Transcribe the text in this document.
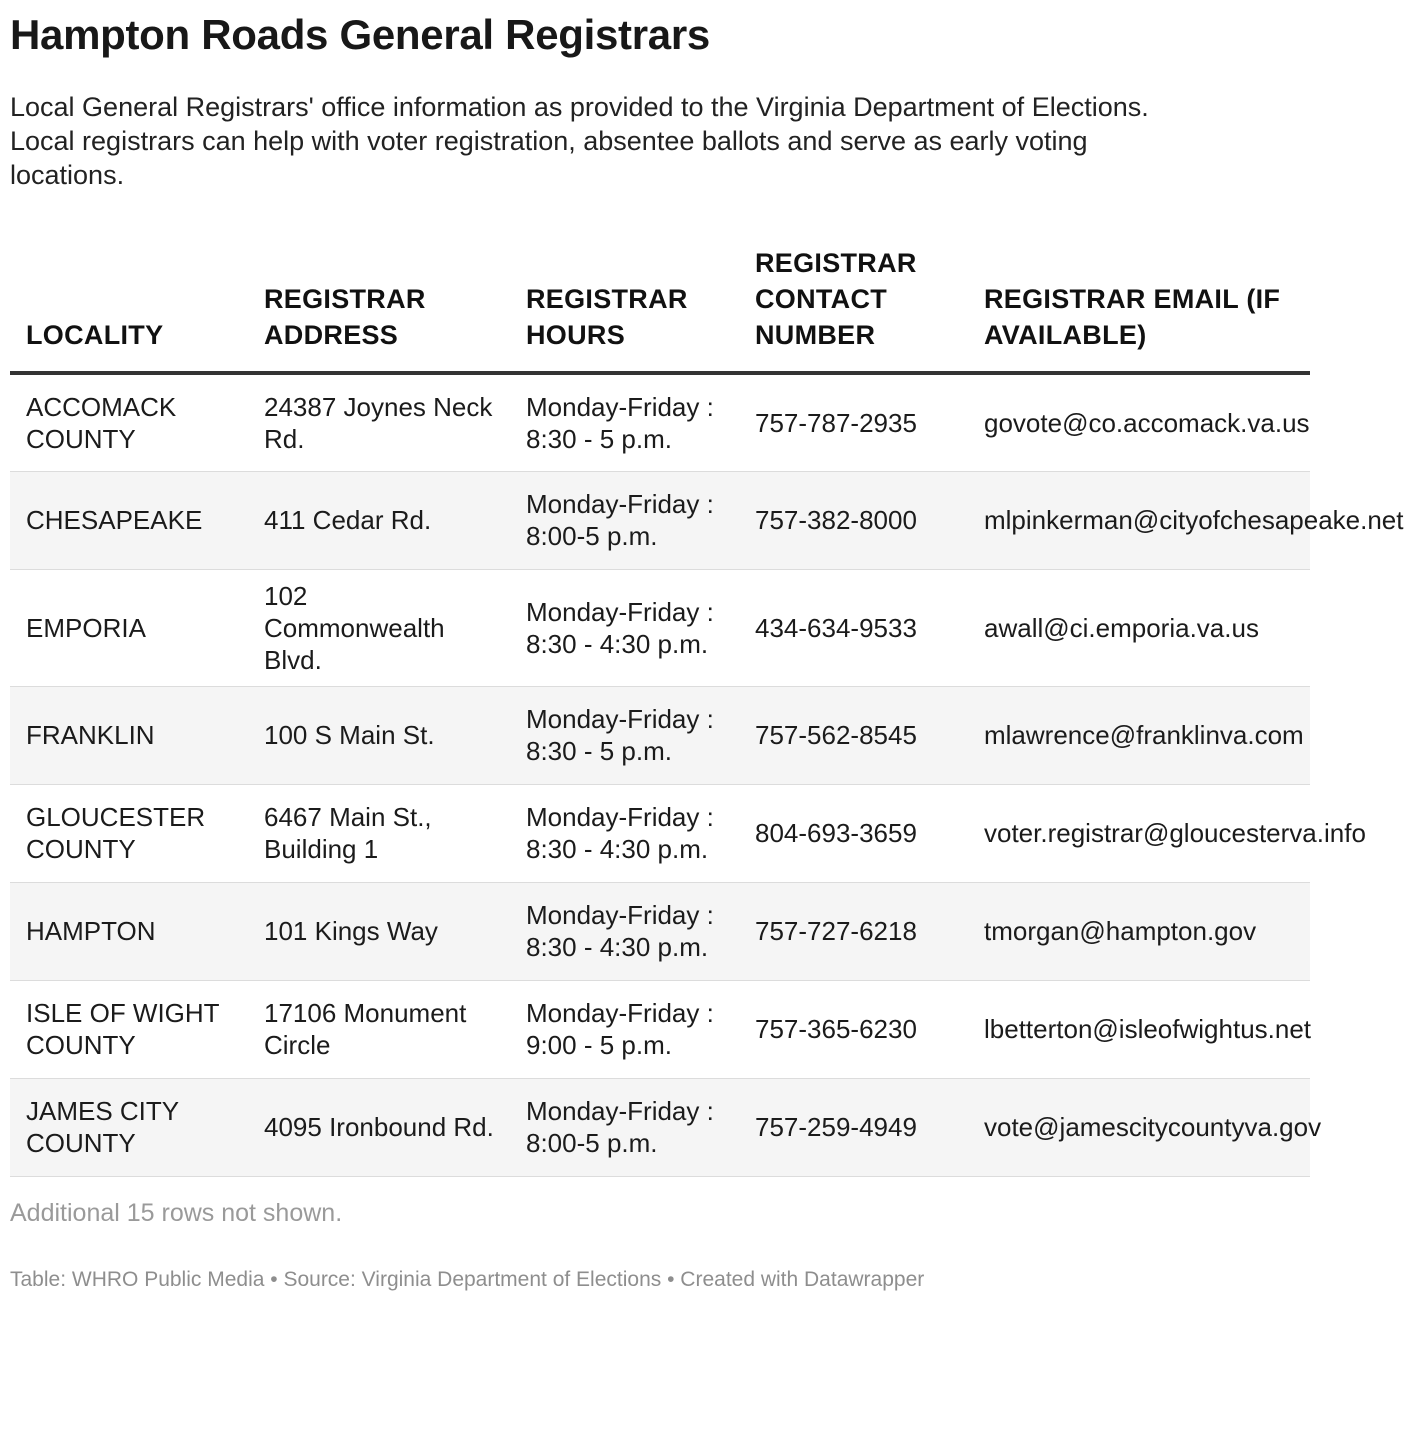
Hampton Roads General Registrars

Local General Registrars' office information as provided to the Virginia Department of Elections.

Local registrars can help with voter registration, absentee ballots and serve as early voting locations.

LOCALITY	REGISTRAR ADDRESS	REGISTRAR HOURS	REGISTRAR CONTACT NUMBER	REGISTRAR EMAIL (IF AVAILABLE)
ACCOMACK COUNTY	24387 Joynes Neck Rd.	Monday-Friday : 8:30 - 5 p.m.	757-787-2935	govote@co.accomack.va.us
CHESAPEAKE	411 Cedar Rd.	Monday-Friday : 8:00-5 p.m.	757-382-8000	mlpinkerman@cityofchesapeake.net
EMPORIA	102 Commonwealth Blvd.	Monday-Friday : 8:30 - 4:30 p.m.	434-634-9533	awall@ci.emporia.va.us
FRANKLIN	100 S Main St.	Monday-Friday : 8:30 - 5 p.m.	757-562-8545	mlawrence@franklinva.com
GLOUCESTER COUNTY	6467 Main St., Building 1	Monday-Friday : 8:30 - 4:30 p.m.	804-693-3659	voter.registrar@gloucesterva.info
HAMPTON	101 Kings Way	Monday-Friday : 8:30 - 4:30 p.m.	757-727-6218	tmorgan@hampton.gov
ISLE OF WIGHT COUNTY	17106 Monument Circle	Monday-Friday : 9:00 - 5 p.m.	757-365-6230	lbetterton@isleofwightus.net
JAMES CITY COUNTY	4095 Ironbound Rd.	Monday-Friday : 8:00-5 p.m.	757-259-4949	vote@jamescitycountyva.gov
Additional 15 rows not shown.
Table: WHRO Public Media • Source: Virginia Department of Elections • Created with Datawrapper
